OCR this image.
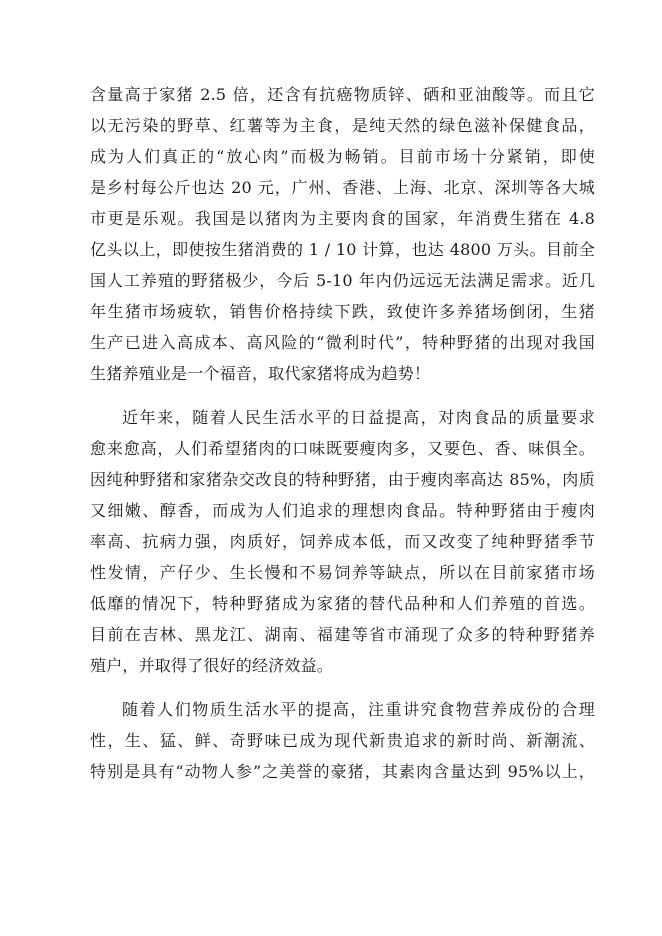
含量高于家猪 2.5 倍，还含有抗癌物质锌、硒和亚油酸等。而且它

以无污染的野草、红薯等为主食，是纯天然的绿色滋补保健食品，

成为人们真正的“放心肉”而极为畅销。目前市场十分紧销，即使

是乡村每公斤也达 20 元，广州、香港、上海、北京、深圳等各大城

市更是乐观。我国是以猪肉为主要肉食的国家，年消费生猪在 4.8

亿头以上，即使按生猪消费的 1 / 10 计算，也达 4800 万头。目前全

国人工养殖的野猪极少，今后 5-10 年内仍远远无法满足需求。近几

年生猪市场疲软，销售价格持续下跌，致使许多养猪场倒闭，生猪

生产已进入高成本、高风险的“微利时代”，特种野猪的出现对我国

生猪养殖业是一个福音，取代家猪将成为趋势！

近年来，随着人民生活水平的日益提高，对肉食品的质量要求

愈来愈高，人们希望猪肉的口味既要瘦肉多，又要色、香、味俱全。

因纯种野猪和家猪杂交改良的特种野猪，由于瘦肉率高达 85%，肉质

又细嫩、醇香，而成为人们追求的理想肉食品。特种野猪由于瘦肉

率高、抗病力强，肉质好，饲养成本低，而又改变了纯种野猪季节

性发情，产仔少、生长慢和不易饲养等缺点，所以在目前家猪市场

低靡的情况下，特种野猪成为家猪的替代品种和人们养殖的首选。

目前在吉林、黑龙江、湖南、福建等省市涌现了众多的特种野猪养

殖户，并取得了很好的经济效益。

随着人们物质生活水平的提高，注重讲究食物营养成份的合理

性，生、猛、鲜、奇野味已成为现代新贵追求的新时尚、新潮流、

特别是具有“动物人参”之美誉的豪猪，其素肉含量达到 95%以上，
